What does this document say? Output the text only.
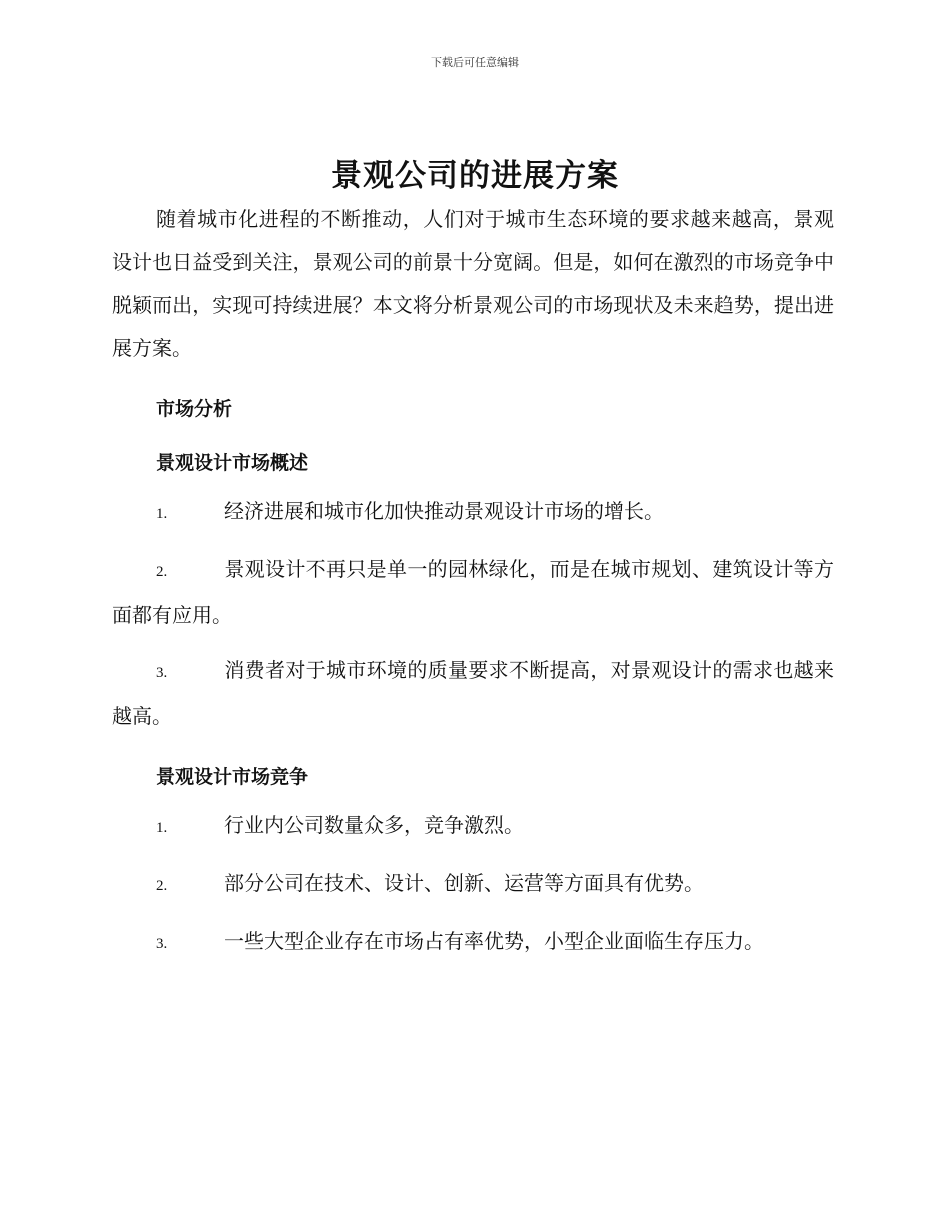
下载后可任意编辑
景观公司的进展方案

随着城市化进程的不断推动，人们对于城市生态环境的要求越来越高，景观设计也日益受到关注，景观公司的前景十分宽阔。但是，如何在激烈的市场竞争中脱颖而出，实现可持续进展？本文将分析景观公司的市场现状及未来趋势，提出进展方案。

市场分析

景观设计市场概述

1.	经济进展和城市化加快推动景观设计市场的增长。

2.	景观设计不再只是单一的园林绿化，而是在城市规划、建筑设计等方面都有应用。

3.	消费者对于城市环境的质量要求不断提高，对景观设计的需求也越来越高。

景观设计市场竞争

1.	行业内公司数量众多，竞争激烈。

2.	部分公司在技术、设计、创新、运营等方面具有优势。

3.	一些大型企业存在市场占有率优势，小型企业面临生存压力。
